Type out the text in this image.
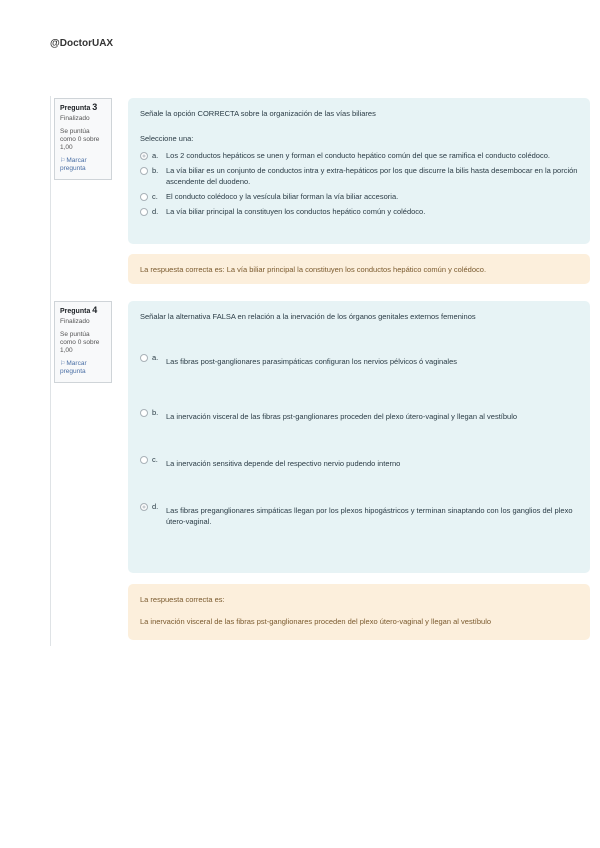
@DoctorUAX
Pregunta 3
Finalizado
Se puntúa como 0 sobre 1,00
⚐Marcar pregunta
Señale la opción CORRECTA sobre la organización de las vías biliares
Seleccione una:
a.	Los 2 conductos hepáticos se unen y forman el conducto hepático común del que se ramifica el conducto colédoco.
b.	La vía biliar es un conjunto de conductos intra y extra-hepáticos por los que discurre la bilis hasta desembocar en la porción ascendente del duodeno.
c.	El conducto colédoco y la vesícula biliar forman la vía biliar accesoria.
d.	La vía biliar principal la constituyen los conductos hepático común y colédoco.
La respuesta correcta es: La vía biliar principal la constituyen los conductos hepático común y colédoco.
Pregunta 4
Finalizado
Se puntúa como 0 sobre 1,00
⚐Marcar pregunta
Señalar la alternativa FALSA en relación a la inervación de los órganos genitales externos femeninos
a.	Las fibras post-ganglionares parasimpáticas configuran los nervios pélvicos ó vaginales
b.	La inervación visceral de las fibras pst-ganglionares proceden del plexo útero-vaginal y llegan al vestíbulo
c.	La inervación sensitiva depende del respectivo nervio pudendo interno
d.	Las fibras preganglionares simpáticas llegan por los plexos hipogástricos y terminan sinaptando con los ganglios del plexo útero-vaginal.
La respuesta correcta es:
La inervación visceral de las fibras pst-ganglionares proceden del plexo útero-vaginal y llegan al vestíbulo
